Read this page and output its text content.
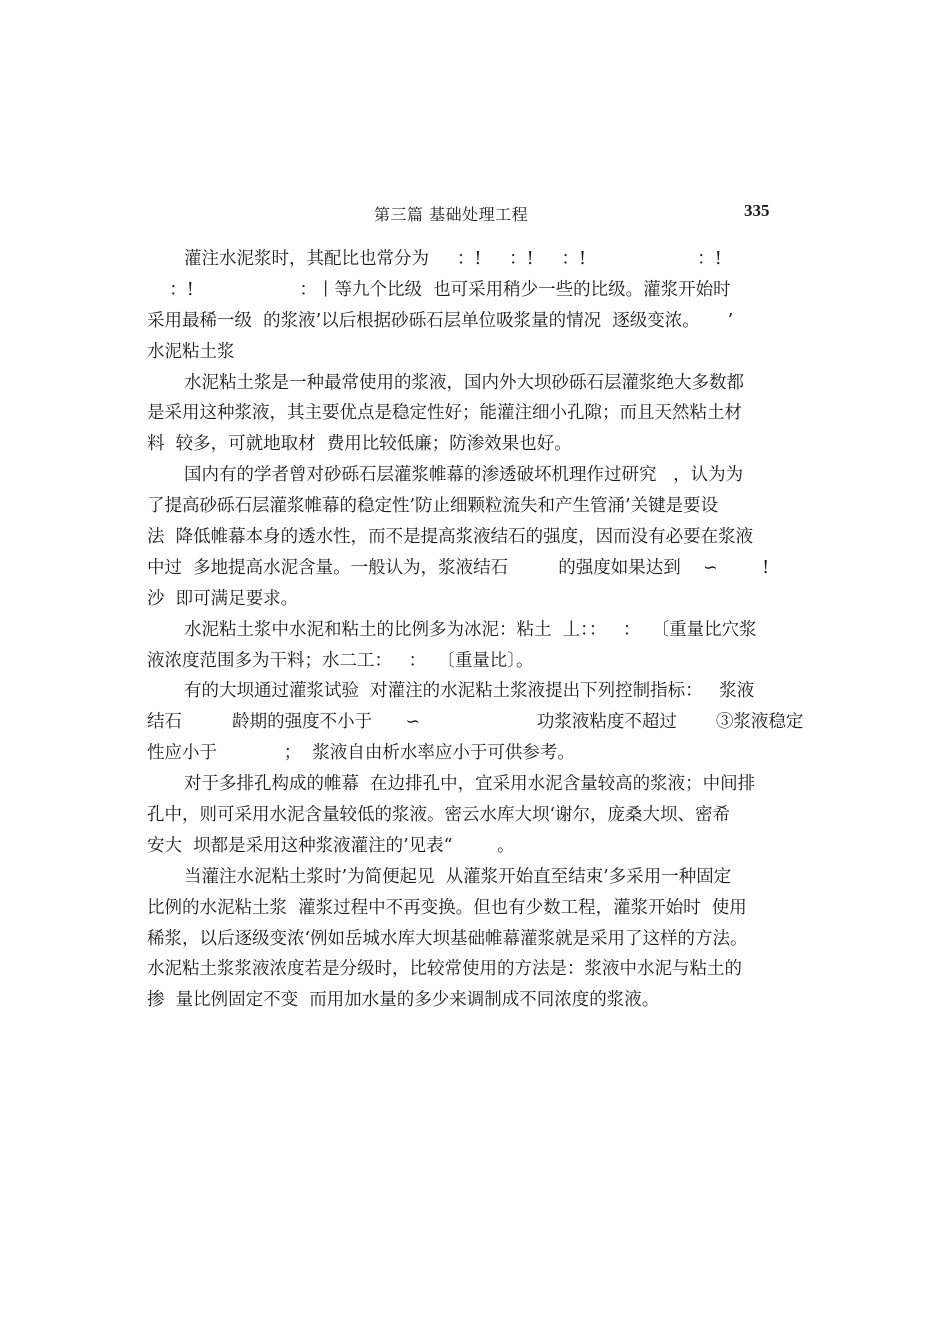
第三篇 基础处理工程	335
灌注水泥浆时，其配比也常分为     ：!     ：!     ：!                    ：!
：!                   ：丨等九个比级  也可采用稍少一些的比级。灌浆开始时
采用最稀一级  的浆液’以后根据砂砾石层单位吸浆量的情况  逐级变浓。     ’
水泥粘土浆
水泥粘土浆是一种最常使用的浆液，国内外大坝砂砾石层灌浆绝大多数都
是采用这种浆液，其主要优点是稳定性好；能灌注细小孔隙；而且天然粘土材
料  较多，可就地取材  费用比较低廉；防渗效果也好。
国内有的学者曾对砂砾石层灌浆帷幕的渗透破坏机理作过研究   ，认为为
了提高砂砾石层灌浆帷幕的稳定性’防止细颗粒流失和产生管涌’关键是要设
法  降低帷幕本身的透水性，而不是提高浆液结石的强度，因而没有必要在浆液
中过  多地提高水泥含量。一般认为，浆液结石         的强度如果达到    ∽        !
沙  即可满足要求。
水泥粘土浆中水泥和粘土的比例多为冰泥：粘土  丄：：   ：  〔重量比穴浆
液浓度范围多为干料；水二工：   ：  〔重量比〕。
有的大坝通过灌浆试验  对灌注的水泥粘土浆液提出下列控制指标：   浆液
结石         龄期的强度不小于      ∽                     功浆液粘度不超过       ③浆液稳定
性应小于            ；  浆液自由析水率应小于可供参考。
对于多排孔构成的帷幕  在边排孔中，宜采用水泥含量较高的浆液；中间排
孔中，则可采用水泥含量较低的浆液。密云水库大坝‘谢尔，庞桑大坝、密希
安大  坝都是采用这种浆液灌注的’见表“        。
当灌注水泥粘土浆时’为简便起见  从灌浆开始直至结束’多采用一种固定
比例的水泥粘土浆  灌浆过程中不再变换。但也有少数工程，灌浆开始时  使用
稀浆，以后逐级变浓‘例如岳城水库大坝基础帷幕灌浆就是采用了这样的方法。
水泥粘土浆浆液浓度若是分级时，比较常使用的方法是：浆液中水泥与粘土的
掺  量比例固定不变  而用加水量的多少来调制成不同浓度的浆液。
